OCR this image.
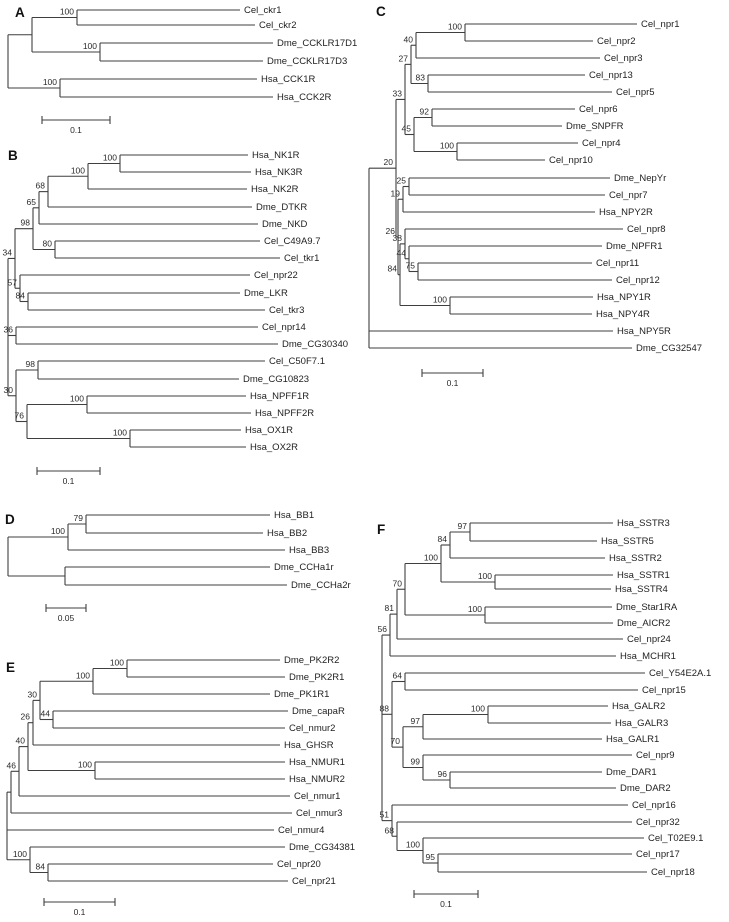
A	Cel_ckr1
Cel_ckr2
100
Dme_CCKLR17D1
Dme_CCKLR17D3
100
Hsa_CCK1R
Hsa_CCK2R
100
0.1
B	Hsa_NK1R
Hsa_NK3R
100
Hsa_NK2R
100
Dme_DTKR
68
Dme_NKD
65
Cel_C49A9.7
Cel_tkr1
80
98
Cel_npr22
Dme_LKR
Cel_tkr3
84
57
34
Cel_npr14
Dme_CG30340
36
Cel_C50F7.1
Dme_CG10823
98
Hsa_NPFF1R
Hsa_NPFF2R
100
Hsa_OX1R
Hsa_OX2R
100
76
30
0.1
C
Cel_npr1
Cel_npr2
100
Cel_npr3
40
Cel_npr13
Cel_npr5
83
27
Cel_npr6
Dme_SNPFR
92
Cel_npr4
Cel_npr10
100
45
33
Dme_NepYr
Cel_npr7
25
Hsa_NPY2R
19
Cel_npr8
Dme_NPFR1
Cel_npr11
Cel_npr12
75
44
38
Hsa_NPY1R
Hsa_NPY4R
100
84
26
20
Hsa_NPY5R
Dme_CG32547
0.1
D	Hsa_BB1
Hsa_BB2
79
Hsa_BB3
100
Dme_CCHa1r
Dme_CCHa2r
0.05
E	Dme_PK2R2
Dme_PK2R1
100
Dme_PK1R1
100
Dme_capaR
Cel_nmur2
44
30
Hsa_GHSR
26
Hsa_NMUR1
Hsa_NMUR2
100
40
Cel_nmur1
46
Cel_nmur3
Cel_nmur4
Dme_CG34381
Cel_npr20
Cel_npr21
84
100
0.1
F	Hsa_SSTR3
Hsa_SSTR5
97
Hsa_SSTR2
84
Hsa_SSTR1
Hsa_SSTR4
100
100
Dme_Star1RA
Dme_AICR2
100
70
Cel_npr24
81
Hsa_MCHR1
56
Cel_Y54E2A.1
Cel_npr15
64
Hsa_GALR2
Hsa_GALR3
100
Hsa_GALR1
97
Cel_npr9
Dme_DAR1
Dme_DAR2
96
99
70
88
Cel_npr16
Cel_npr32
Cel_T02E9.1
Cel_npr17
Cel_npr18
95
100
68
51
0.1
